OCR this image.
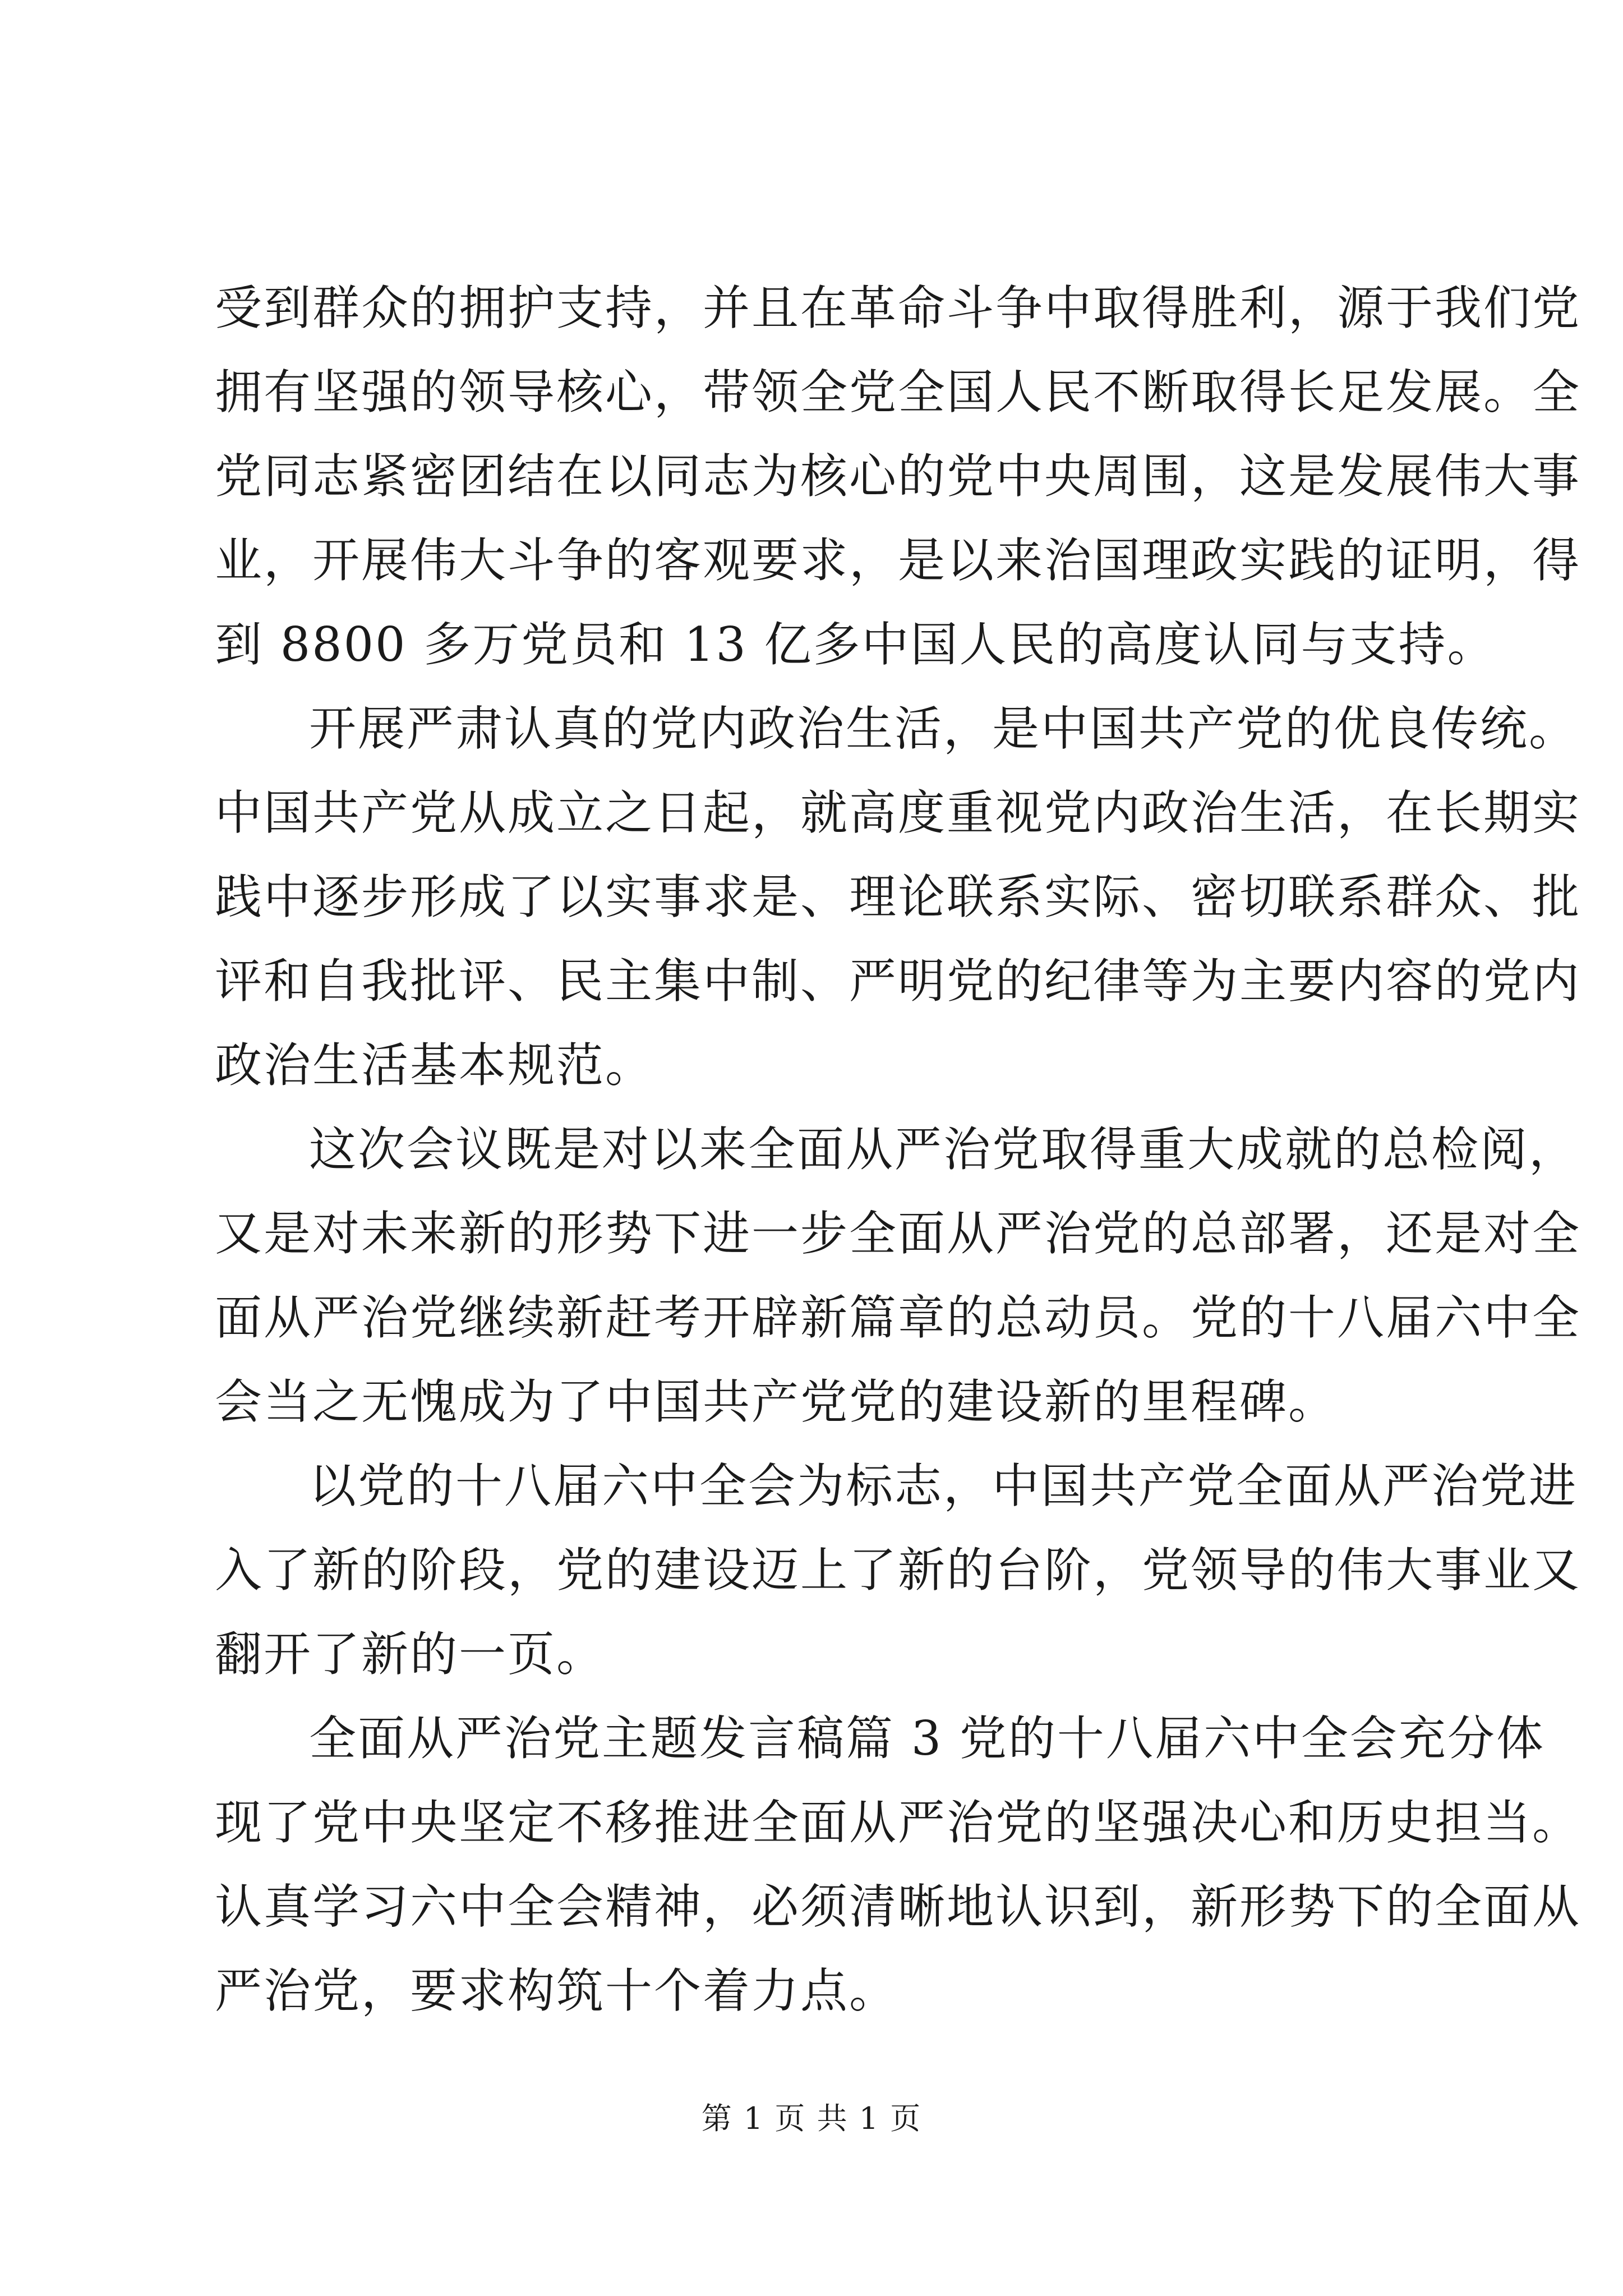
受到群众的拥护支持，并且在革命斗争中取得胜利，源于我们党
拥有坚强的领导核心，带领全党全国人民不断取得长足发展。全
党同志紧密团结在以同志为核心的党中央周围，这是发展伟大事
业，开展伟大斗争的客观要求，是以来治国理政实践的证明，得
到 8800 多万党员和 13 亿多中国人民的高度认同与支持。
开展严肃认真的党内政治生活，是中国共产党的优良传统。
中国共产党从成立之日起，就高度重视党内政治生活，在长期实
践中逐步形成了以实事求是、理论联系实际、密切联系群众、批
评和自我批评、民主集中制、严明党的纪律等为主要内容的党内
政治生活基本规范。
这次会议既是对以来全面从严治党取得重大成就的总检阅，
又是对未来新的形势下进一步全面从严治党的总部署，还是对全
面从严治党继续新赶考开辟新篇章的总动员。党的十八届六中全
会当之无愧成为了中国共产党党的建设新的里程碑。
以党的十八届六中全会为标志，中国共产党全面从严治党进
入了新的阶段，党的建设迈上了新的台阶，党领导的伟大事业又
翻开了新的一页。
全面从严治党主题发言稿篇 3 党的十八届六中全会充分体
现了党中央坚定不移推进全面从严治党的坚强决心和历史担当。
认真学习六中全会精神，必须清晰地认识到，新形势下的全面从
严治党，要求构筑十个着力点。
第 1 页 共 1 页
